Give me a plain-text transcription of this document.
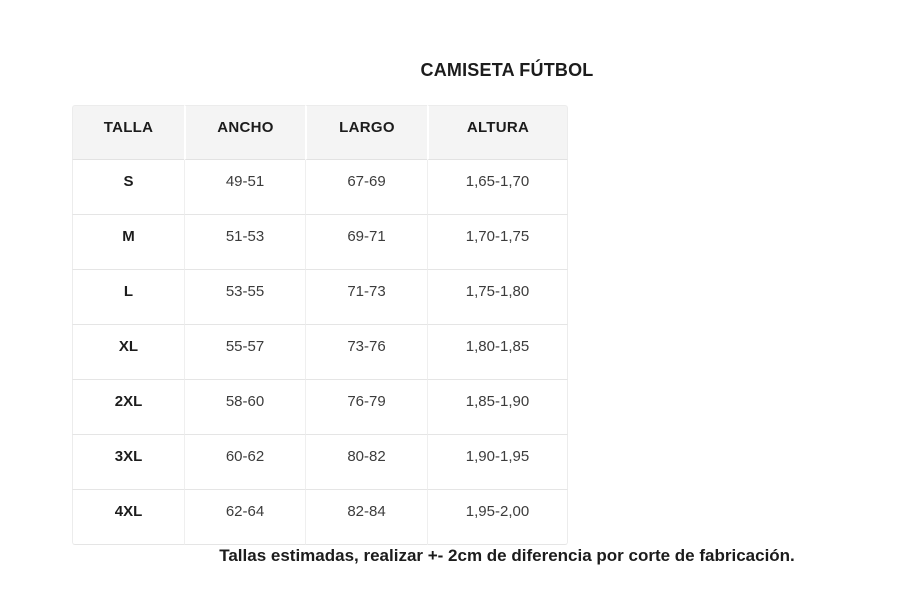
CAMISETA FÚTBOL
TALLA	ANCHO	LARGO	ALTURA
S	49-51	67-69	1,65-1,70
M	51-53	69-71	1,70-1,75
L	53-55	71-73	1,75-1,80
XL	55-57	73-76	1,80-1,85
2XL	58-60	76-79	1,85-1,90
3XL	60-62	80-82	1,90-1,95
4XL	62-64	82-84	1,95-2,00

Tallas estimadas, realizar +- 2cm de diferencia por corte de fabricación.
